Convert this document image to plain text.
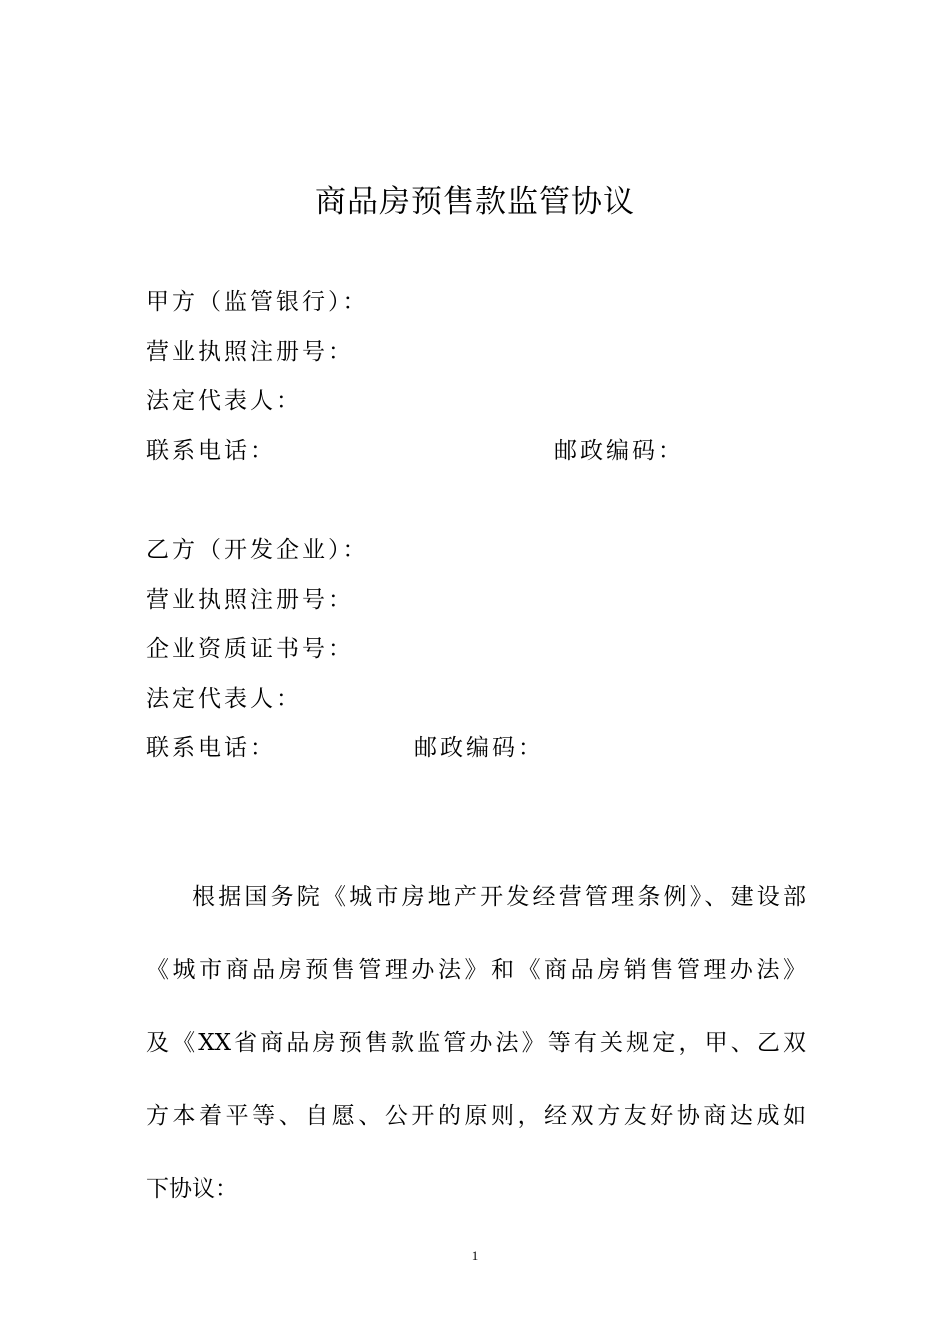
商品房预售款监管协议
甲方（监管银行）：
营业执照注册号：
法定代表人：
联系电话：	邮政编码：
乙方（开发企业）：
营业执照注册号：
企业资质证书号：
法定代表人：
联系电话：	邮政编码：
根据国务院《城市房地产开发经营管理条例》、建设部
《城市商品房预售管理办法》和《商品房销售管理办法》
及《XX省商品房预售款监管办法》等有关规定，甲、乙双
方本着平等、自愿、公开的原则，经双方友好协商达成如
下协议：
1
